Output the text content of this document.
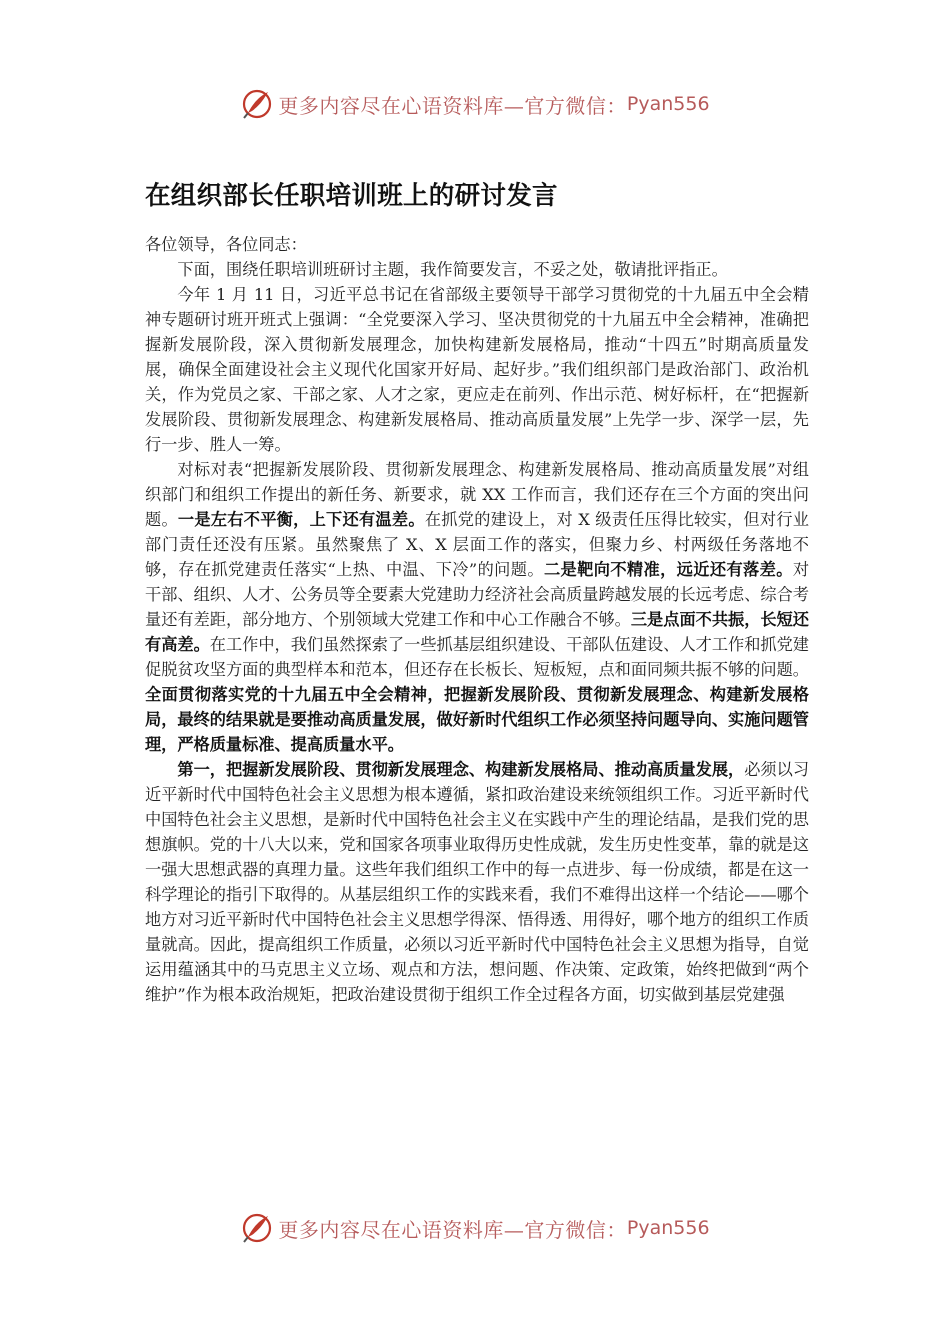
更多内容尽在心语资料库—官方微信： Pyan556
在组织部长任职培训班上的研讨发言

各位领导，各位同志：

下面，围绕任职培训班研讨主题，我作简要发言，不妥之处，敬请批评指正。

今年 1 月 11 日，习近平总书记在省部级主要领导干部学习贯彻党的十九届五中全会精神专题研讨班开班式上强调：“全党要深入学习、坚决贯彻党的十九届五中全会精神，准确把握新发展阶段，深入贯彻新发展理念，加快构建新发展格局，推动“十四五”时期高质量发展，确保全面建设社会主义现代化国家开好局、起好步。”我们组织部门是政治部门、政治机关，作为党员之家、干部之家、人才之家，更应走在前列、作出示范、树好标杆，在“把握新发展阶段、贯彻新发展理念、构建新发展格局、推动高质量发展”上先学一步、深学一层，先行一步、胜人一筹。

对标对表“把握新发展阶段、贯彻新发展理念、构建新发展格局、推动高质量发展”对组织部门和组织工作提出的新任务、新要求，就 XX 工作而言，我们还存在三个方面的突出问题。一是左右不平衡，上下还有温差。在抓党的建设上，对 X 级责任压得比较实，但对行业部门责任还没有压紧。虽然聚焦了 X、X 层面工作的落实，但聚力乡、村两级任务落地不够，存在抓党建责任落实“上热、中温、下冷”的问题。二是靶向不精准，远近还有落差。对干部、组织、人才、公务员等全要素大党建助力经济社会高质量跨越发展的长远考虑、综合考量还有差距，部分地方、个别领域大党建工作和中心工作融合不够。三是点面不共振，长短还有高差。在工作中，我们虽然探索了一些抓基层组织建设、干部队伍建设、人才工作和抓党建促脱贫攻坚方面的典型样本和范本，但还存在长板长、短板短，点和面同频共振不够的问题。全面贯彻落实党的十九届五中全会精神，把握新发展阶段、贯彻新发展理念、构建新发展格局，最终的结果就是要推动高质量发展，做好新时代组织工作必须坚持问题导向、实施问题管理，严格质量标准、提高质量水平。

第一，把握新发展阶段、贯彻新发展理念、构建新发展格局、推动高质量发展，必须以习近平新时代中国特色社会主义思想为根本遵循，紧扣政治建设来统领组织工作。习近平新时代中国特色社会主义思想，是新时代中国特色社会主义在实践中产生的理论结晶，是我们党的思想旗帜。党的十八大以来，党和国家各项事业取得历史性成就，发生历史性变革，靠的就是这一强大思想武器的真理力量。这些年我们组织工作中的每一点进步、每一份成绩，都是在这一科学理论的指引下取得的。从基层组织工作的实践来看，我们不难得出这样一个结论——哪个地方对习近平新时代中国特色社会主义思想学得深、悟得透、用得好，哪个地方的组织工作质量就高。因此，提高组织工作质量，必须以习近平新时代中国特色社会主义思想为指导，自觉运用蕴涵其中的马克思主义立场、观点和方法，想问题、作决策、定政策，始终把做到“两个维护”作为根本政治规矩，把政治建设贯彻于组织工作全过程各方面，切实做到基层党建强

更多内容尽在心语资料库—官方微信： Pyan556
